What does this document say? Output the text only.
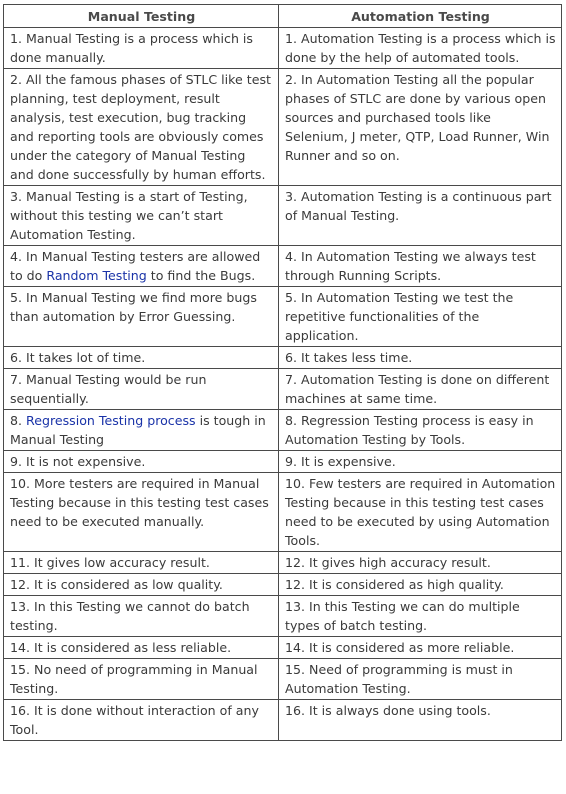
Manual Testing	Automation Testing
1. Manual Testing is a process which is done manually.	1. Automation Testing is a process which is done by the help of automated tools.
2. All the famous phases of STLC like test planning, test deployment, result analysis, test execution, bug tracking and reporting tools are obviously comes under the category of Manual Testing and done successfully by human efforts.	2. In Automation Testing all the popular phases of STLC are done by various open sources and purchased tools like Selenium, J meter, QTP, Load Runner, Win Runner and so on.
3. Manual Testing is a start of Testing, without this testing we can’t start Automation Testing.	3. Automation Testing is a continuous part of Manual Testing.
4. In Manual Testing testers are allowed to do Random Testing to find the Bugs.	4. In Automation Testing we always test through Running Scripts.
5. In Manual Testing we find more bugs than automation by Error Guessing.	5. In Automation Testing we test the repetitive functionalities of the application.
6. It takes lot of time.	6. It takes less time.
7. Manual Testing would be run sequentially.	7. Automation Testing is done on different machines at same time.
8. Regression Testing process is tough in Manual Testing	8. Regression Testing process is easy in Automation Testing by Tools.
9. It is not expensive.	9. It is expensive.
10. More testers are required in Manual Testing because in this testing test cases need to be executed manually.	10. Few testers are required in Automation Testing because in this testing test cases need to be executed by using Automation Tools.
11. It gives low accuracy result.	12. It gives high accuracy result.
12. It is considered as low quality.	12. It is considered as high quality.
13. In this Testing we cannot do batch testing.	13. In this Testing we can do multiple types of batch testing.
14. It is considered as less reliable.	14. It is considered as more reliable.
15. No need of programming in Manual Testing.	15. Need of programming is must in Automation Testing.
16. It is done without interaction of any Tool.	16. It is always done using tools.
